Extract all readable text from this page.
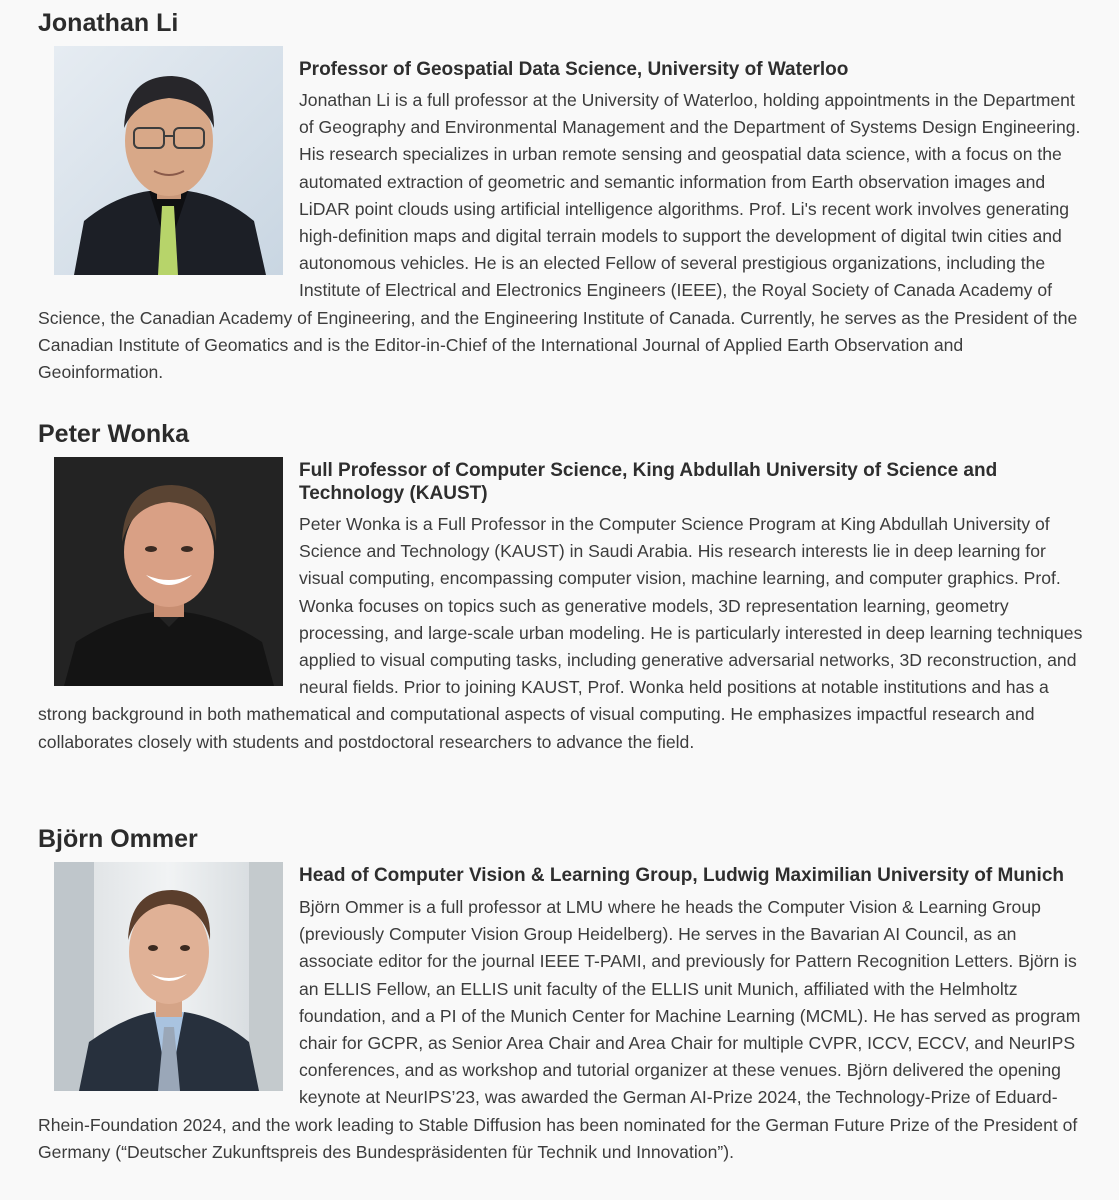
Jonathan Li
Professor of Geospatial Data Science, University of Waterloo

Jonathan Li is a full professor at the University of Waterloo, holding appointments in the Department of Geography and Environmental Management and the Department of Systems Design Engineering. His research specializes in urban remote sensing and geospatial data science, with a focus on the automated extraction of geometric and semantic information from Earth observation images and LiDAR point clouds using artificial intelligence algorithms. Prof. Li's recent work involves generating high-definition maps and digital terrain models to support the development of digital twin cities and autonomous vehicles. He is an elected Fellow of several prestigious organizations, including the Institute of Electrical and Electronics Engineers (IEEE), the Royal Society of Canada Academy of Science, the Canadian Academy of Engineering, and the Engineering Institute of Canada. Currently, he serves as the President of the Canadian Institute of Geomatics and is the Editor-in-Chief of the International Journal of Applied Earth Observation and Geoinformation.

Peter Wonka
Full Professor of Computer Science, King Abdullah University of Science and Technology (KAUST)

Peter Wonka is a Full Professor in the Computer Science Program at King Abdullah University of Science and Technology (KAUST) in Saudi Arabia. His research interests lie in deep learning for visual computing, encompassing computer vision, machine learning, and computer graphics. Prof. Wonka focuses on topics such as generative models, 3D representation learning, geometry processing, and large-scale urban modeling. He is particularly interested in deep learning techniques applied to visual computing tasks, including generative adversarial networks, 3D reconstruction, and neural fields. Prior to joining KAUST, Prof. Wonka held positions at notable institutions and has a strong background in both mathematical and computational aspects of visual computing. He emphasizes impactful research and collaborates closely with students and postdoctoral researchers to advance the field.

Björn Ommer
Head of Computer Vision & Learning Group, Ludwig Maximilian University of Munich

Björn Ommer is a full professor at LMU where he heads the Computer Vision & Learning Group (previously Computer Vision Group Heidelberg). He serves in the Bavarian AI Council, as an associate editor for the journal IEEE T-PAMI, and previously for Pattern Recognition Letters. Björn is an ELLIS Fellow, an ELLIS unit faculty of the ELLIS unit Munich, affiliated with the Helmholtz foundation, and a PI of the Munich Center for Machine Learning (MCML). He has served as program chair for GCPR, as Senior Area Chair and Area Chair for multiple CVPR, ICCV, ECCV, and NeurIPS conferences, and as workshop and tutorial organizer at these venues. Björn delivered the opening keynote at NeurIPS’23, was awarded the German AI-Prize 2024, the Technology-Prize of Eduard-Rhein-Foundation 2024, and the work leading to Stable Diffusion has been nominated for the German Future Prize of the President of Germany (“Deutscher Zukunftspreis des Bundespräsidenten für Technik und Innovation”).
